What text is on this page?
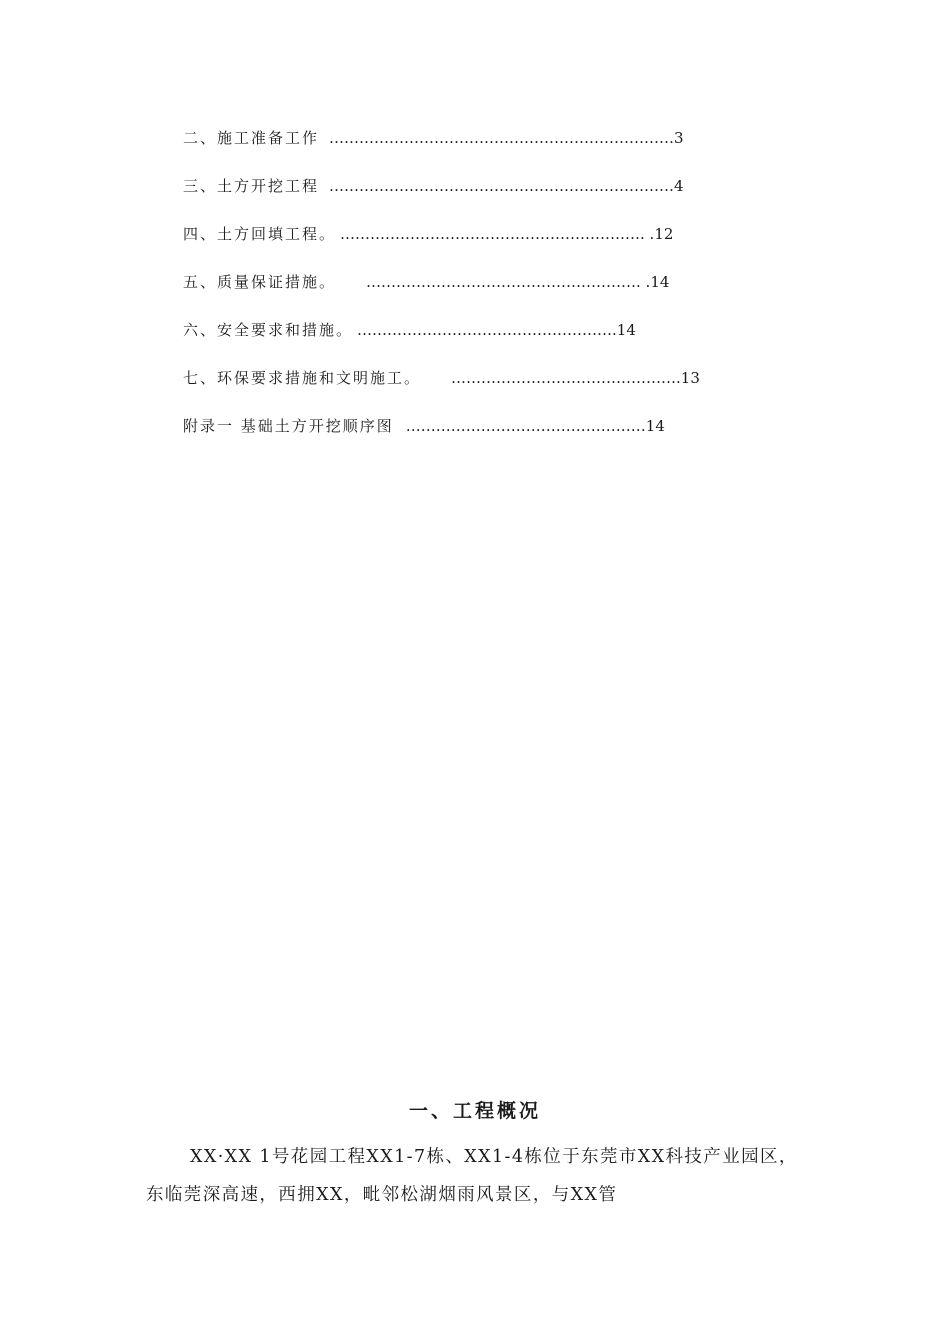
二、施工准备工作 ……………………………………………………………3
三、土方开挖工程 ……………………………………………………………4
四、土方回填工程。 ……………………………………………………. .12
五、质量保证措施。 ………………………………………………. .14
六、安全要求和措施。 …………………………………………….14
七、环保要求措施和文明施工。 ……………………………………….13
附录一 基础土方开挖顺序图 …………………………………………14
一、工程概况

XX·XX 1号花园工程XX1-7栋、XX1-4栋位于东莞市XX科技产业园区，东临莞深高速，西拥XX，毗邻松湖烟雨风景区，与XX管
